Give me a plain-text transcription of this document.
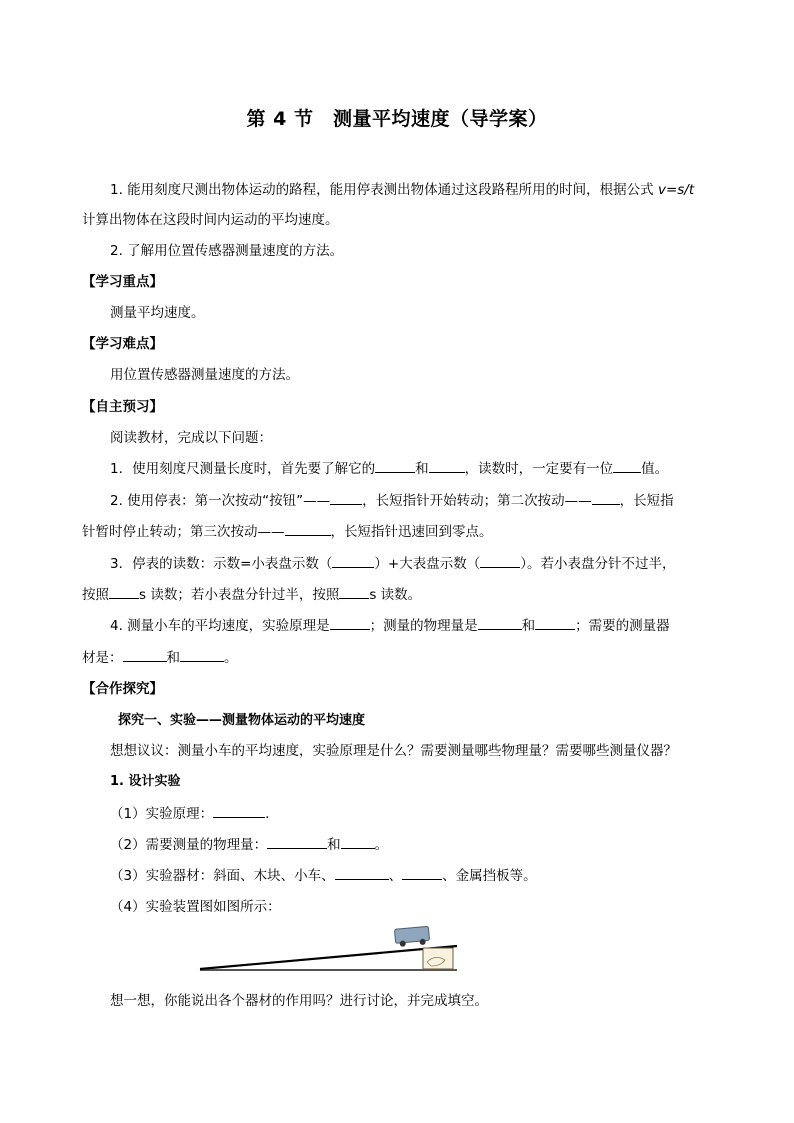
第 4 节　测量平均速度（导学案）
1. 能用刻度尺测出物体运动的路程，能用停表测出物体通过这段路程所用的时间，根据公式 v=s/t
计算出物体在这段时间内运动的平均速度。
2. 了解用位置传感器测量速度的方法。
【学习重点】
测量平均速度。
【学习难点】
用位置传感器测量速度的方法。
【自主预习】
阅读教材，完成以下问题：
1．使用刻度尺测量长度时，首先要了解它的	和	，读数时，一定要有一位 值。
2. 使用停表：第一次按动“按钮”—— ，长短指针开始转动；第二次按动—— ，长短指
针暂时停止转动；第三次按动——	，长短指针迅速回到零点。
3．停表的读数：示数=小表盘示数（	）+大表盘示数（	）。若小表盘分针不过半，
按照 s 读数；若小表盘分针过半，按照 s 读数。
4. 测量小车的平均速度，实验原理是	；测量的物理量是	和	；需要的测量器
材是：	和	。
【合作探究】
探究一、实验——测量物体运动的平均速度
想想议议：测量小车的平均速度，实验原理是什么？需要测量哪些物理量？需要哪些测量仪器？
1. 设计实验
（1）实验原理：	.
（2）需要测量的物理量：	和	。
（3）实验器材：斜面、木块、小车、	、	、金属挡板等。
（4）实验装置图如图所示：
想一想，你能说出各个器材的作用吗？进行讨论，并完成填空。
